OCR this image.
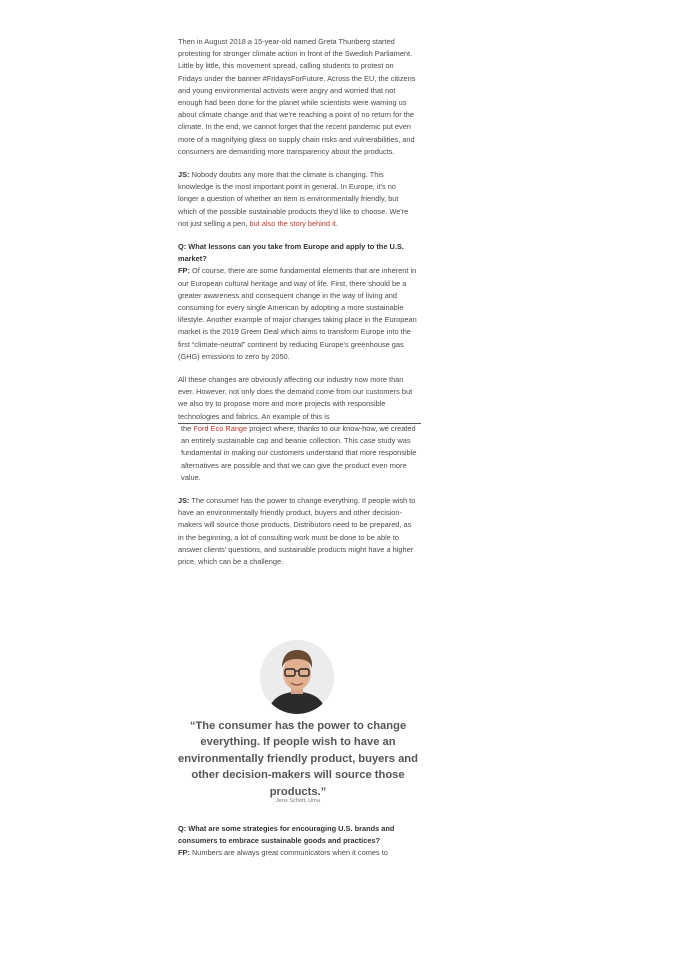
Then in August 2018 a 15-year-old named Greta Thunberg started protesting for stronger climate action in front of the Swedish Parliament. Little by little, this movement spread, calling students to protest on Fridays under the banner #FridaysForFuture. Across the EU, the citizens and young environmental activists were angry and worried that not enough had been done for the planet while scientists were warning us about climate change and that we're reaching a point of no return for the climate. In the end, we cannot forget that the recent pandemic put even more of a magnifying glass on supply chain risks and vulnerabilities, and consumers are demanding more transparency about the products.

JS: Nobody doubts any more that the climate is changing. This knowledge is the most important point in general. In Europe, it's no longer a question of whether an item is environmentally friendly, but which of the possible sustainable products they'd like to choose. We're not just selling a pen, but also the story behind it.

Q: What lessons can you take from Europe and apply to the U.S. market?
FP: Of course, there are some fundamental elements that are inherent in our European cultural heritage and way of life. First, there should be a greater awareness and consequent change in the way of living and consuming for every single American by adopting a more sustainable lifestyle. Another example of major changes taking place in the European market is the 2019 Green Deal which aims to transform Europe into the first “climate-neutral” continent by reducing Europe's greenhouse gas (GHG) emissions to zero by 2050.

All these changes are obviously affecting our industry now more than ever. However, not only does the demand come from our customers but we also try to propose more and more projects with responsible technologies and fabrics. An example of this is
the Ford Eco Range project where, thanks to our know-how, we created an entirely sustainable cap and beanie collection. This case study was fundamental in making our customers understand that more responsible alternatives are possible and that we can give the product even more value.

JS: The consumer has the power to change everything. If people wish to have an environmentally friendly product, buyers and other decision-makers will source those products. Distributors need to be prepared, as in the beginning, a lot of consulting work must be done to be able to answer clients' questions, and sustainable products might have a higher price, which can be a challenge.

“The consumer has the power to change everything. If people wish to have an environmentally friendly product, buyers and other decision-makers will source those products.”
Jens Schott, Uma

Q: What are some strategies for encouraging U.S. brands and consumers to embrace sustainable goods and practices?
FP: Numbers are always great communicators when it comes to
